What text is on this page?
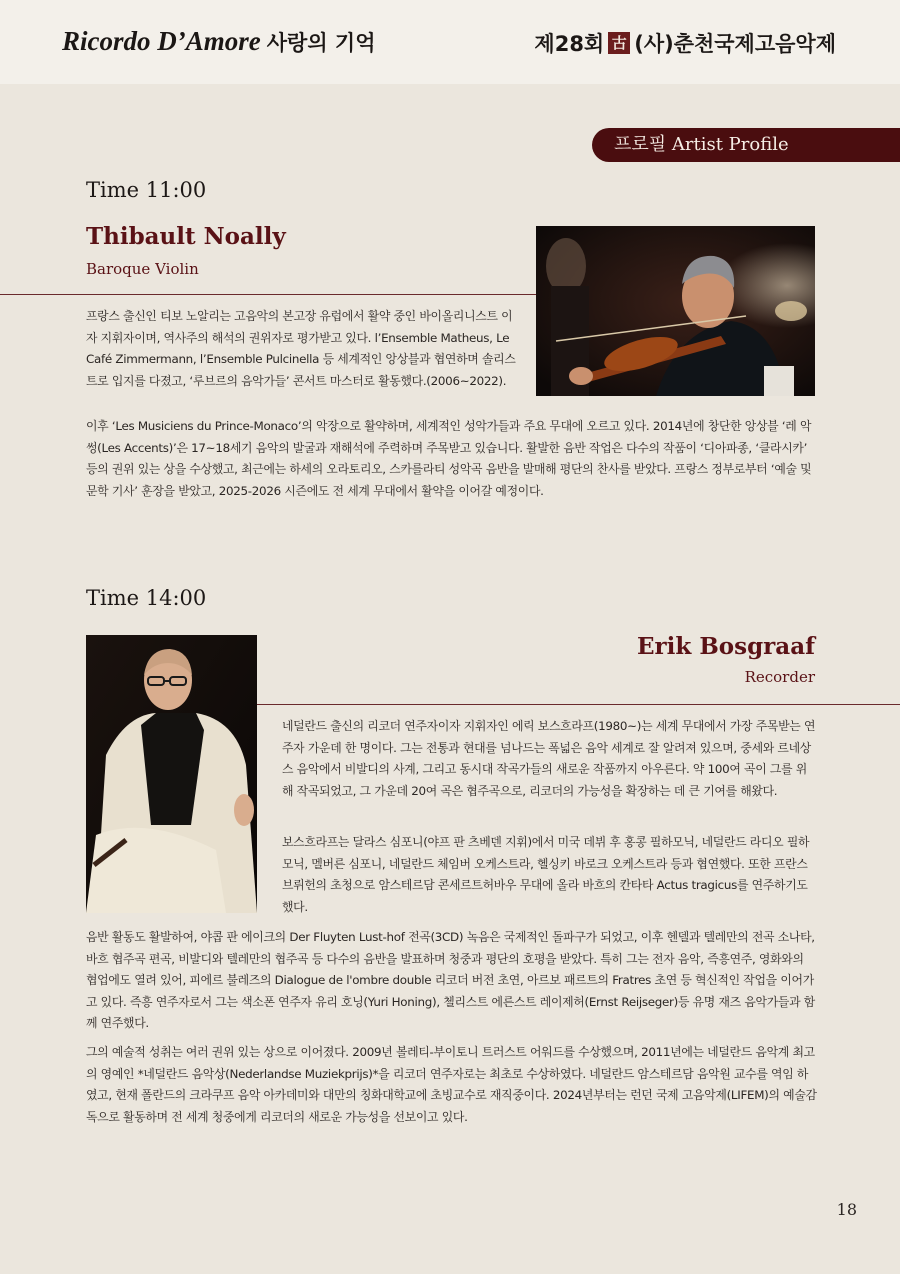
Ricordo D’Amore 사랑의 기억	제28회 古 (사)춘천국제고음악제
프로필 Artist Profile
Time 11:00
Thibault Noally
Baroque Violin

프랑스 출신인 티보 노알리는 고음악의 본고장 유럽에서 활약 중인 바이올리니스트 이자 지휘자이며, 역사주의 해석의 권위자로 평가받고 있다. l’Ensemble Matheus, Le Café Zimmermann, l’Ensemble Pulcinella 등 세계적인 앙상블과 협연하며 솔리스트로 입지를 다졌고, ‘루브르의 음악가들’ 콘서트 마스터로 활동했다.(2006~2022).

이후 ‘Les Musiciens du Prince-Monaco’의 악장으로 활약하며, 세계적인 성악가들과 주요 무대에 오르고 있다. 2014년에 창단한 앙상블 ‘레 악썽(Les Accents)’은 17~18세기 음악의 발굴과 재해석에 주력하며 주목받고 있습니다. 활발한 음반 작업은 다수의 작품이 ‘디아파종, ‘클라시카’ 등의 권위 있는 상을 수상했고, 최근에는 하세의 오라토리오, 스카를라티 성악곡 음반을 발매해 평단의 찬사를 받았다. 프랑스 정부로부터 ‘예술 및 문학 기사’ 훈장을 받았고, 2025-2026 시즌에도 전 세계 무대에서 활약을 이어갈 예정이다.

Time 14:00
Erik Bosgraaf
Recorder

네덜란드 출신의 리코더 연주자이자 지휘자인 에릭 보스흐라프(1980~)는 세계 무대에서 가장 주목받는 연주자 가운데 한 명이다. 그는 전통과 현대를 넘나드는 폭넓은 음악 세계로 잘 알려져 있으며, 중세와 르네상스 음악에서 비발디의 사계, 그리고 동시대 작곡가들의 새로운 작품까지 아우른다. 약 100여 곡이 그를 위해 작곡되었고, 그 가운데 20여 곡은 협주곡으로, 리코더의 가능성을 확장하는 데 큰 기여를 해왔다.

보스흐라프는 달라스 심포니(야프 판 츠베덴 지휘)에서 미국 데뷔 후 홍콩 필하모닉, 네덜란드 라디오 필하모닉, 멜버른 심포니, 네덜란드 체임버 오케스트라, 헬싱키 바로크 오케스트라 등과 협연했다. 또한 프란스 브뤼헌의 초청으로 암스테르담 콘세르트허바우 무대에 올라 바흐의 칸타타 Actus tragicus를 연주하기도 했다.

음반 활동도 활발하여, 야콥 판 에이크의 Der Fluyten Lust-hof 전곡(3CD) 녹음은 국제적인 돌파구가 되었고, 이후 헨델과 텔레만의 전곡 소나타, 바흐 협주곡 편곡, 비발디와 텔레만의 협주곡 등 다수의 음반을 발표하며 청중과 평단의 호평을 받았다. 특히 그는 전자 음악, 즉흥연주, 영화와의 협업에도 열려 있어, 피에르 불레즈의 Dialogue de l'ombre double 리코더 버전 초연, 아르보 패르트의 Fratres 초연 등 혁신적인 작업을 이어가고 있다. 즉흥 연주자로서 그는 색소폰 연주자 유리 호닝(Yuri Honing), 첼리스트 에른스트 레이제허(Ernst Reijseger)등 유명 재즈 음악가들과 함께 연주했다.

그의 예술적 성취는 여러 권위 있는 상으로 이어졌다. 2009년 볼레티-부이토니 트러스트 어워드를 수상했으며, 2011년에는 네덜란드 음악계 최고의 영예인 *네덜란드 음악상(Nederlandse Muziekprijs)*을 리코더 연주자로는 최초로 수상하였다. 네덜란드 암스테르담 음악원 교수를 역임 하였고, 현재 폴란드의 크라쿠프 음악 아카데미와 대만의 칭화대학교에 초빙교수로 재직중이다. 2024년부터는 런던 국제 고음악제(LIFEM)의 예술감독으로 활동하며 전 세계 청중에게 리코더의 새로운 가능성을 선보이고 있다.

18
